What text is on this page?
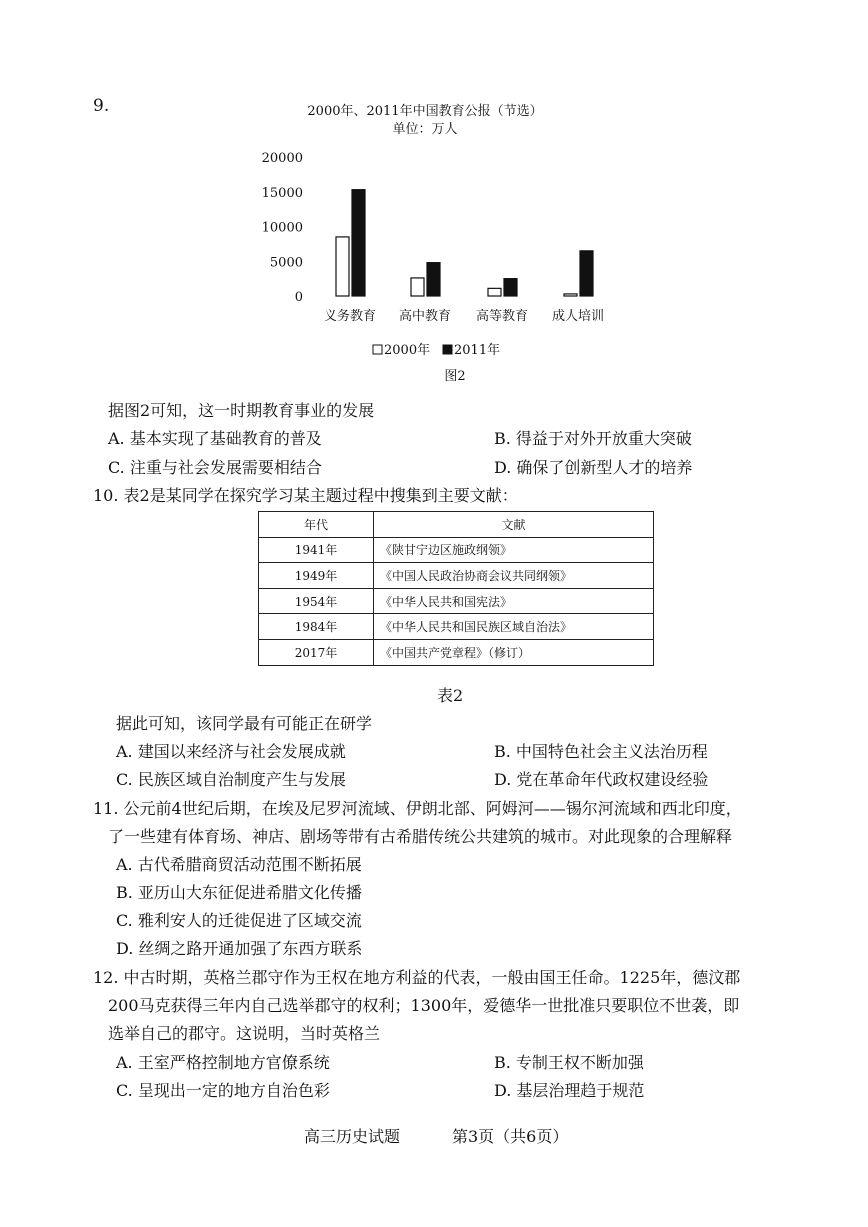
9.	2000年、2011年中国教育公报（节选）
单位：万人
20000
15000
10000
5000
0
义务教育 高中教育 高等教育 成人培训
2000年 2011年
图2
据图2可知，这一时期教育事业的发展
A. 基本实现了基础教育的普及	B. 得益于对外开放重大突破
C. 注重与社会发展需要相结合	D. 确保了创新型人才的培养
10. 表2是某同学在探究学习某主题过程中搜集到主要文献：
年代	文献
1941年	《陕甘宁边区施政纲领》
1949年	《中国人民政治协商会议共同纲领》
1954年	《中华人民共和国宪法》
1984年	《中华人民共和国民族区域自治法》
2017年	《中国共产党章程》（修订）
表2
据此可知，该同学最有可能正在研学
A. 建国以来经济与社会发展成就	B. 中国特色社会主义法治历程
C. 民族区域自治制度产生与发展	D. 党在革命年代政权建设经验
11. 公元前4世纪后期，在埃及尼罗河流域、伊朗北部、阿姆河——锡尔河流域和西北印度，
了一些建有体育场、神店、剧场等带有古希腊传统公共建筑的城市。对此现象的合理解释
A. 古代希腊商贸活动范围不断拓展
B. 亚历山大东征促进希腊文化传播
C. 雅利安人的迁徙促进了区域交流
D. 丝绸之路开通加强了东西方联系
12. 中古时期，英格兰郡守作为王权在地方利益的代表，一般由国王任命。1225年，德汶郡
200马克获得三年内自己选举郡守的权利；1300年，爱德华一世批准只要职位不世袭，即
选举自己的郡守。这说明，当时英格兰
A. 王室严格控制地方官僚系统	B. 专制王权不断加强
C. 呈现出一定的地方自治色彩	D. 基层治理趋于规范
高三历史试题	第3页（共6页）
